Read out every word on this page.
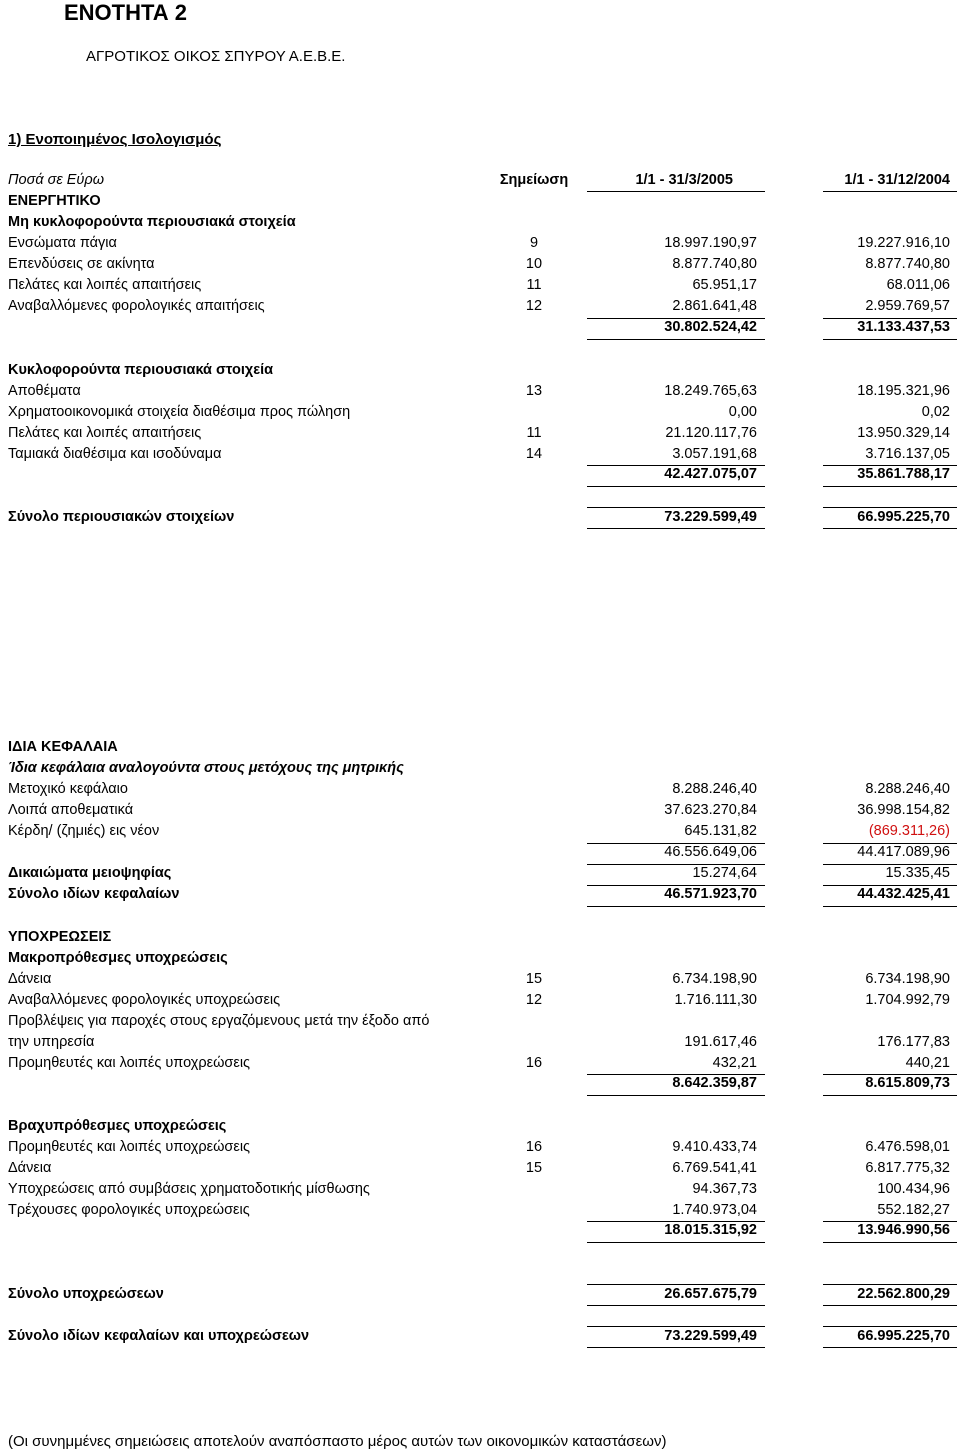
ΕΝΟΤΗΤΑ 2
ΑΓΡΟΤΙΚΟΣ ΟΙΚΟΣ ΣΠΥΡΟΥ Α.Ε.Β.Ε.
1) Ενοποιημένος Ισολογισμός
Ποσά σε Εύρω	Σημείωση	1/1 - 31/3/2005	1/1 - 31/12/2004
ΕΝΕΡΓΗΤΙΚΟ
Μη κυκλοφορούντα περιουσιακά στοιχεία
Ενσώματα πάγια	9	18.997.190,97	19.227.916,10
Επενδύσεις σε ακίνητα	10	8.877.740,80	8.877.740,80
Πελάτες και λοιπές απαιτήσεις	11	65.951,17	68.011,06
Αναβαλλόμενες φορολογικές απαιτήσεις	12	2.861.641,48	2.959.769,57
30.802.524,42	31.133.437,53
Κυκλοφορούντα περιουσιακά στοιχεία
Αποθέματα	13	18.249.765,63	18.195.321,96
Χρηματοοικονομικά στοιχεία διαθέσιμα προς πώληση	0,00	0,02
Πελάτες και λοιπές απαιτήσεις	11	21.120.117,76	13.950.329,14
Ταμιακά διαθέσιμα και ισοδύναμα	14	3.057.191,68	3.716.137,05
42.427.075,07	35.861.788,17
Σύνολο περιουσιακών στοιχείων	73.229.599,49	66.995.225,70
ΙΔΙΑ ΚΕΦΑΛΑΙΑ
Ίδια κεφάλαια αναλογούντα στους μετόχους της μητρικής
Μετοχικό κεφάλαιο	8.288.246,40	8.288.246,40
Λοιπά αποθεματικά	37.623.270,84	36.998.154,82
Κέρδη/ (ζημιές) εις νέον	645.131,82	(869.311,26)
46.556.649,06	44.417.089,96
Δικαιώματα μειοψηφίας	15.274,64	15.335,45
Σύνολο ιδίων κεφαλαίων	46.571.923,70	44.432.425,41
ΥΠΟΧΡΕΩΣΕΙΣ
Μακροπρόθεσμες υποχρεώσεις
Δάνεια	15	6.734.198,90	6.734.198,90
Αναβαλλόμενες φορολογικές υποχρεώσεις	12	1.716.111,30	1.704.992,79
Προβλέψεις για παροχές στους εργαζόμενους μετά την έξοδο από
την υπηρεσία	191.617,46	176.177,83
Προμηθευτές και λοιπές υποχρεώσεις	16	432,21	440,21
8.642.359,87	8.615.809,73
Βραχυπρόθεσμες υποχρεώσεις
Προμηθευτές και λοιπές υποχρεώσεις	16	9.410.433,74	6.476.598,01
Δάνεια	15	6.769.541,41	6.817.775,32
Υποχρεώσεις από συμβάσεις χρηματοδοτικής μίσθωσης	94.367,73	100.434,96
Τρέχουσες φορολογικές υποχρεώσεις	1.740.973,04	552.182,27
18.015.315,92	13.946.990,56
Σύνολο υποχρεώσεων	26.657.675,79	22.562.800,29
Σύνολο ιδίων κεφαλαίων και υποχρεώσεων	73.229.599,49	66.995.225,70
(Οι συνημμένες σημειώσεις αποτελούν αναπόσπαστο μέρος αυτών των οικονομικών καταστάσεων)
